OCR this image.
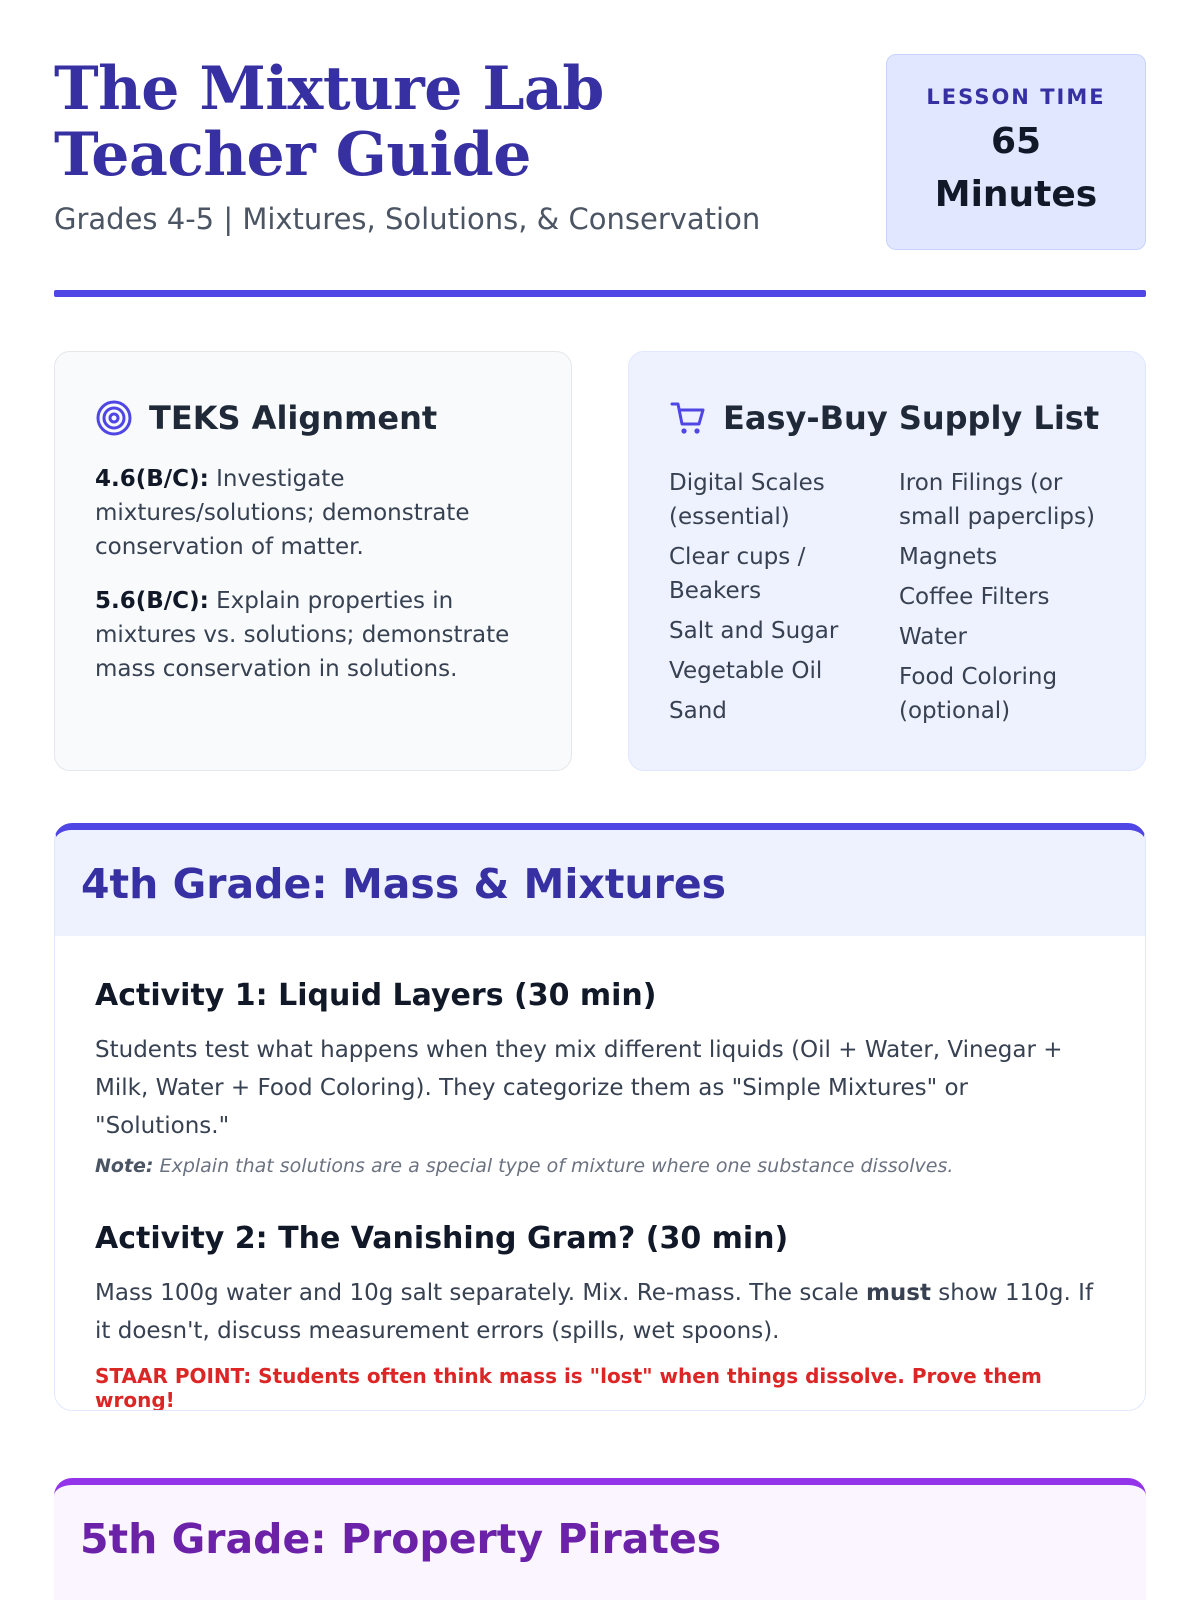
The Mixture Lab Teacher Guide
Grades 4-5 | Mixtures, Solutions, & Conservation
LESSON TIME
65
Minutes
TEKS Alignment

4.6(B/C): Investigate mixtures/solutions; demonstrate conservation of matter.

5.6(B/C): Explain properties in mixtures vs. solutions; demonstrate mass conservation in solutions.

Easy-Buy Supply List
Digital Scales (essential)
Clear cups / Beakers
Salt and Sugar
Vegetable Oil
Sand
Iron Filings (or small paperclips)
Magnets
Coffee Filters
Water
Food Coloring (optional)
4th Grade: Mass & Mixtures
Activity 1: Liquid Layers (30 min)

Students test what happens when they mix different liquids (Oil + Water, Vinegar + Milk, Water + Food Coloring). They categorize them as "Simple Mixtures" or "Solutions."

Note: Explain that solutions are a special type of mixture where one substance dissolves.

Activity 2: The Vanishing Gram? (30 min)

Mass 100g water and 10g salt separately. Mix. Re-mass. The scale must show 110g. If it doesn't, discuss measurement errors (spills, wet spoons).

STAAR POINT: Students often think mass is "lost" when things dissolve. Prove them wrong!

5th Grade: Property Pirates
